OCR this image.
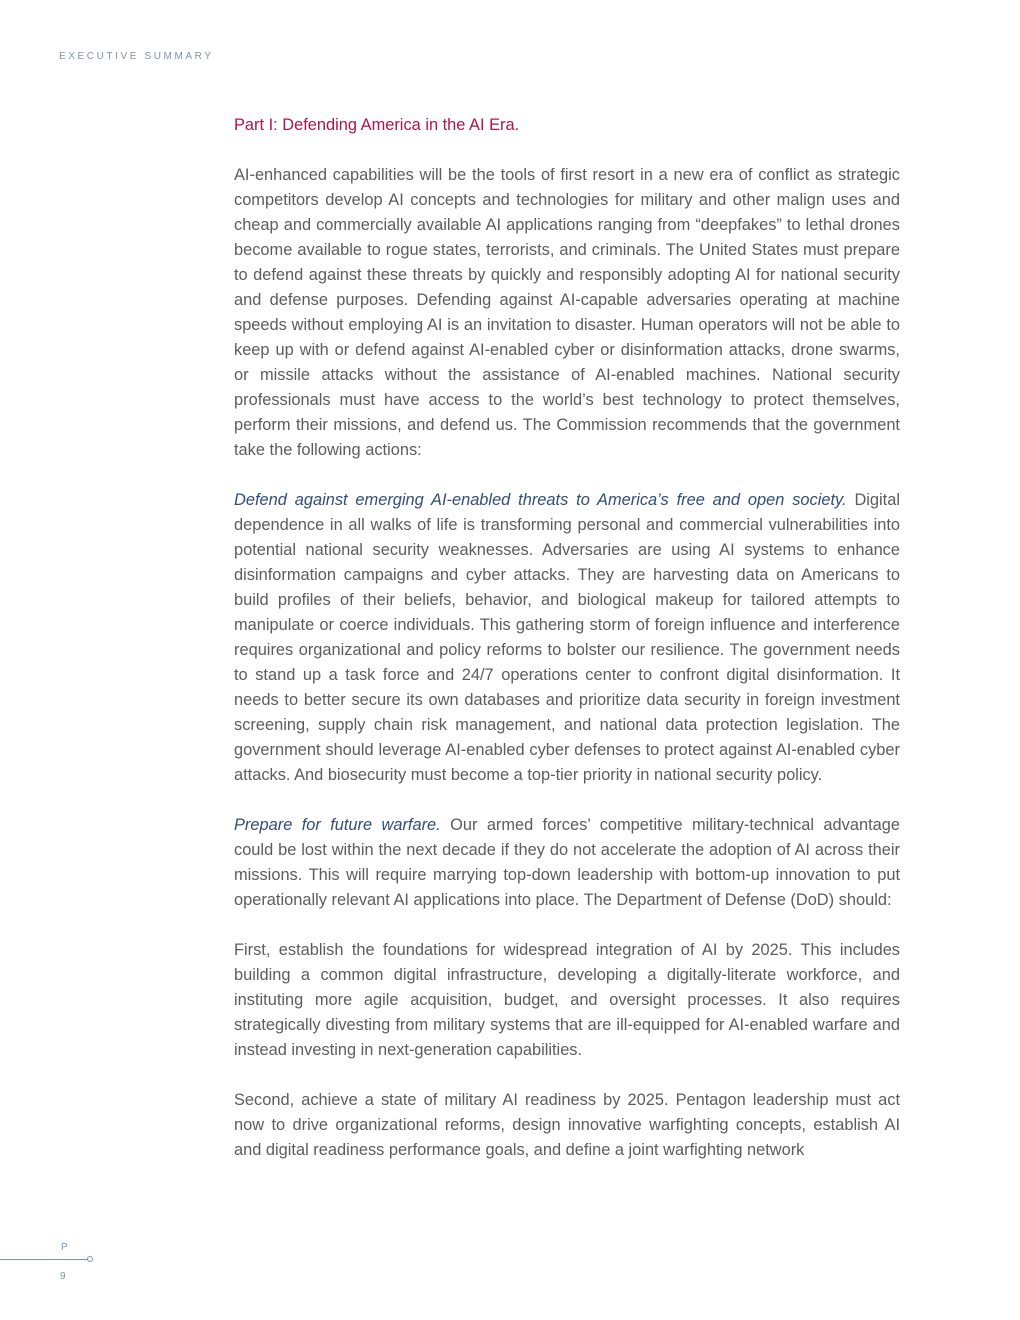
EXECUTIVE SUMMARY

Part I: Defending America in the AI Era.

AI-enhanced capabilities will be the tools of first resort in a new era of conflict as strategic competitors develop AI concepts and technologies for military and other malign uses and cheap and commercially available AI applications ranging from “deepfakes” to lethal drones become available to rogue states, terrorists, and criminals. The United States must prepare to defend against these threats by quickly and responsibly adopting AI for national security and defense purposes. Defending against AI-capable adversaries operating at machine speeds without employing AI is an invitation to disaster. Human operators will not be able to keep up with or defend against AI-enabled cyber or disinformation attacks, drone swarms, or missile attacks without the assistance of AI-enabled machines. National security professionals must have access to the world’s best technology to protect themselves, perform their missions, and defend us. The Commission recommends that the government take the following actions:

Defend against emerging AI-enabled threats to America’s free and open society. Digital dependence in all walks of life is transforming personal and commercial vulnerabilities into potential national security weaknesses. Adversaries are using AI systems to enhance disinformation campaigns and cyber attacks. They are harvesting data on Americans to build profiles of their beliefs, behavior, and biological makeup for tailored attempts to manipulate or coerce individuals. This gathering storm of foreign influence and interference requires organizational and policy reforms to bolster our resilience. The government needs to stand up a task force and 24/7 operations center to confront digital disinformation. It needs to better secure its own databases and prioritize data security in foreign investment screening, supply chain risk management, and national data protection legislation. The government should leverage AI-enabled cyber defenses to protect against AI-enabled cyber attacks. And biosecurity must become a top-tier priority in national security policy.

Prepare for future warfare. Our armed forces’ competitive military-technical advantage could be lost within the next decade if they do not accelerate the adoption of AI across their missions. This will require marrying top-down leadership with bottom-up innovation to put operationally relevant AI applications into place. The Department of Defense (DoD) should:

First, establish the foundations for widespread integration of AI by 2025. This includes building a common digital infrastructure, developing a digitally-literate workforce, and instituting more agile acquisition, budget, and oversight processes. It also requires strategically divesting from military systems that are ill-equipped for AI-enabled warfare and instead investing in next-generation capabilities.

Second, achieve a state of military AI readiness by 2025. Pentagon leadership must act now to drive organizational reforms, design innovative warfighting concepts, establish AI and digital readiness performance goals, and define a joint warfighting network

P
9
